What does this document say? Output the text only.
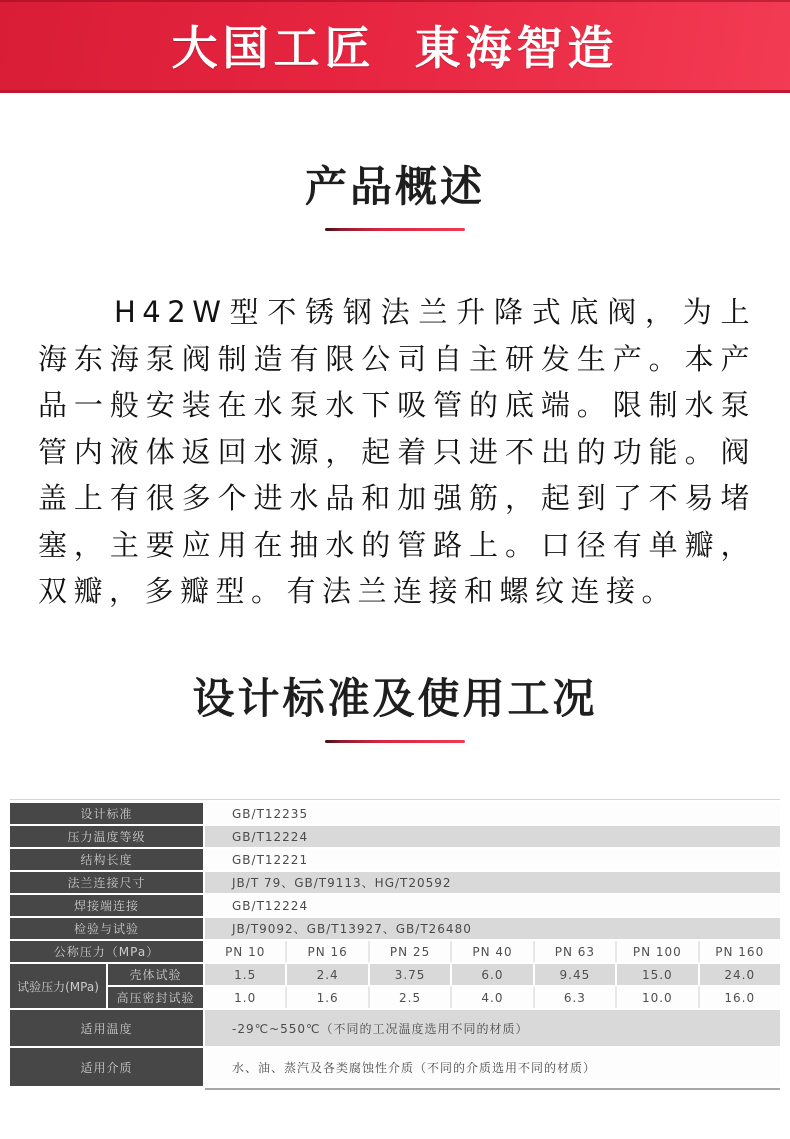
大国工匠 東海智造
产品概述

H42W型不锈钢法兰升降式底阀，为上海东海泵阀制造有限公司自主研发生产。本产品一般安装在水泵水下吸管的底端。限制水泵管内液体返回水源，起着只进不出的功能。阀盖上有很多个进水品和加强筋，起到了不易堵塞，主要应用在抽水的管路上。口径有单瓣，双瓣，多瓣型。有法兰连接和螺纹连接。

设计标准及使用工况
设计标准	GB/T12235
压力温度等级	GB/T12224
结构长度	GB/T12221
法兰连接尺寸	JB/T 79、GB/T9113、HG/T20592
焊接端连接	GB/T12224
检验与试验	JB/T9092、GB/T13927、GB/T26480
公称压力（MPa）	PN 10	PN 16	PN 25	PN 40	PN 63	PN 100	PN 160
试验压力(MPa)
壳体试验	1.5	2.4	3.75	6.0	9.45	15.0	24.0
高压密封试验	1.0	1.6	2.5	4.0	6.3	10.0	16.0
适用温度	-29℃~550℃（不同的工况温度选用不同的材质）
适用介质	水、油、蒸汽及各类腐蚀性介质（不同的介质选用不同的材质）
